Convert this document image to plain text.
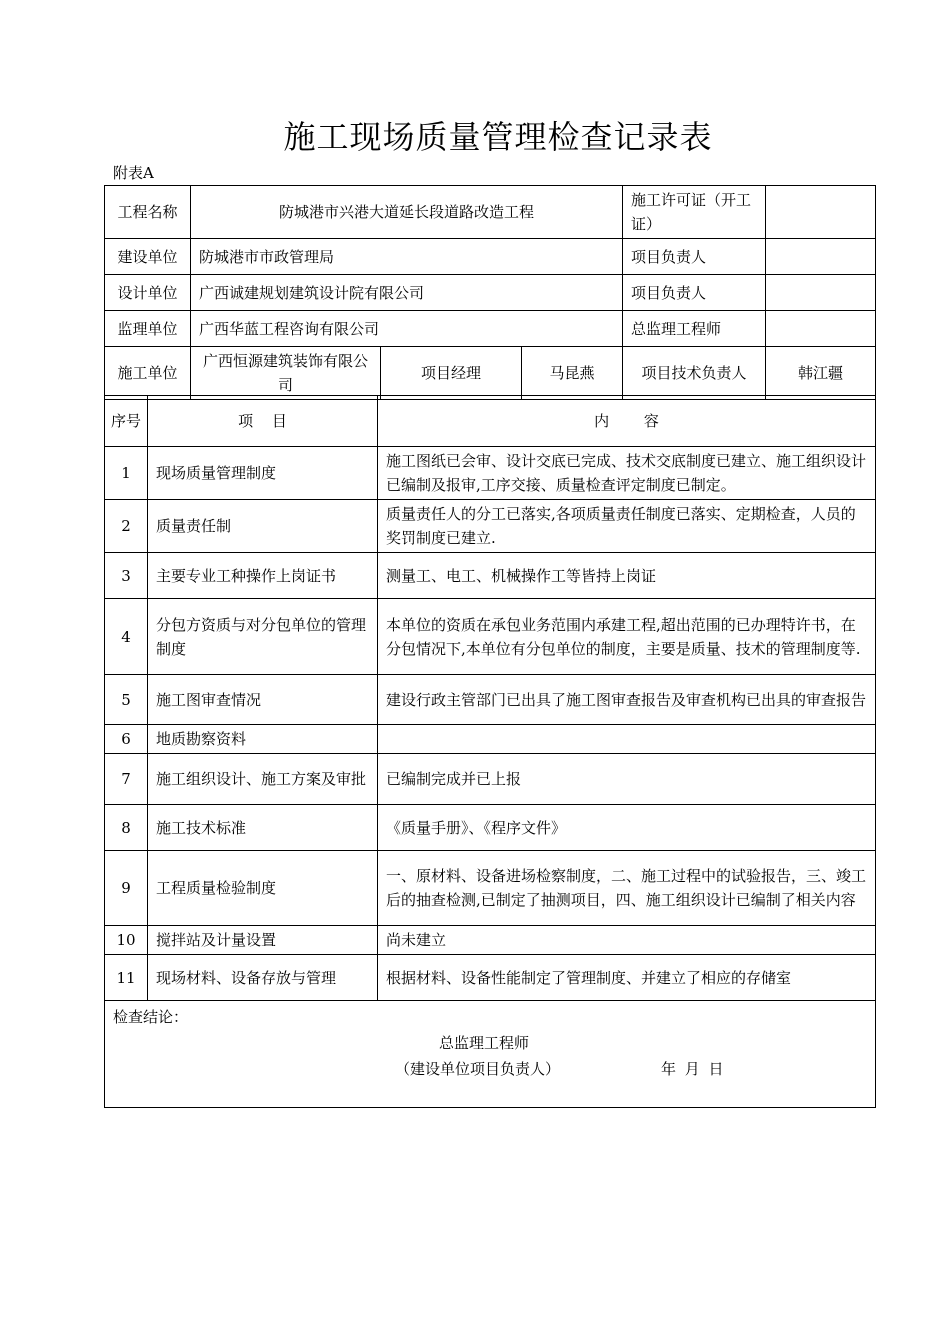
施工现场质量管理检查记录表
附表A
工程名称	防城港市兴港大道延长段道路改造工程			施工许可证（开工证）	
建设单位	防城港市市政管理局			项目负责人	
设计单位	广西诚建规划建筑设计院有限公司			项目负责人	
监理单位	广西华蓝工程咨询有限公司			总监理工程师	
施工单位	广西恒源建筑装饰有限公司	项目经理	马昆燕	项目技术负责人	韩江疆
序号	项 目	内 容
1	现场质量管理制度	施工图纸已会审、设计交底已完成、技术交底制度已建立、施工组织设计已编制及报审,工序交接、质量检查评定制度已制定。
2	质量责任制	质量责任人的分工已落实,各项质量责任制度已落实、定期检查，人员的奖罚制度已建立.
3	主要专业工种操作上岗证书	测量工、电工、机械操作工等皆持上岗证
4	分包方资质与对分包单位的管理制度	本单位的资质在承包业务范围内承建工程,超出范围的已办理特许书，在分包情况下,本单位有分包单位的制度，主要是质量、技术的管理制度等.
5	施工图审查情况	建设行政主管部门已出具了施工图审查报告及审查机构已出具的审查报告
6	地质勘察资料	
7	施工组织设计、施工方案及审批	已编制完成并已上报
8	施工技术标准	《质量手册》、《程序文件》
9	工程质量检验制度	一、原材料、设备进场检察制度，二、施工过程中的试验报告，三、竣工后的抽查检测,已制定了抽测项目，四、施工组织设计已编制了相关内容
10	搅拌站及计量设置	尚未建立
11	现场材料、设备存放与管理	根据材料、设备性能制定了管理制度、并建立了相应的存储室

检查结论：
总监理工程师
（建设单位项目负责人） 年 月 日		
